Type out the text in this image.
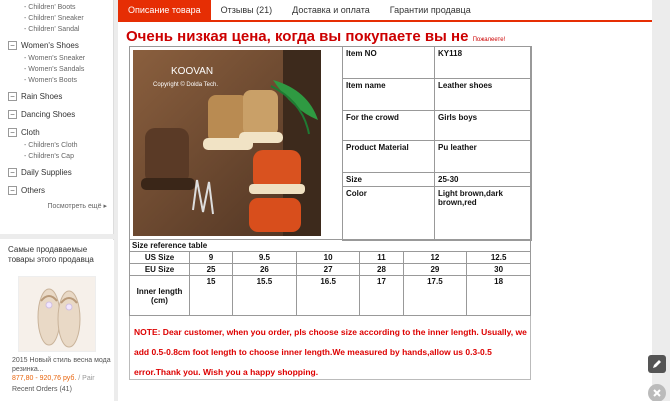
- Children' Boots
- Children' Sneaker
- Children' Sandal
− Women's Shoes
- Women's Sneaker
- Women's Sandals
- Women's Boots
− Rain Shoes
− Dancing Shoes
− Cloth
- Children's Cloth
- Children's Cap
− Daily Supplies
− Others
Посмотреть ещё ▸
Самые продаваемые товары этого продавца
2015 Новый стиль весна мода резинка...
877,80 - 920,76 руб. / Pair
Recent Orders (41)
Описание товара	Отзывы (21)	Доставка и оплата	Гарантии продавца
Очень низкая цена, когда вы покупаете вы не Пожалеете!
KOOVAN
Copyright © Dolda Tech.
Item NO	KY118
Item name	Leather shoes
For the crowd	Girls boys
Product Material	Pu leather
Size	25-30
Color	Light brown,dark brown,red
Size reference table						
US Size	9	9.5	10	11	12	12.5
EU Size	25	26	27	28	29	30
Inner length (cm)	15	15.5	16.5	17	17.5	18
NOTE: Dear customer, when you order, pls choose size according to the inner length. Usually, we add 0.5-0.8cm foot length to choose inner length.We measured by hands,allow us 0.3-0.5 error.Thank you. Wish you a happy shopping.
